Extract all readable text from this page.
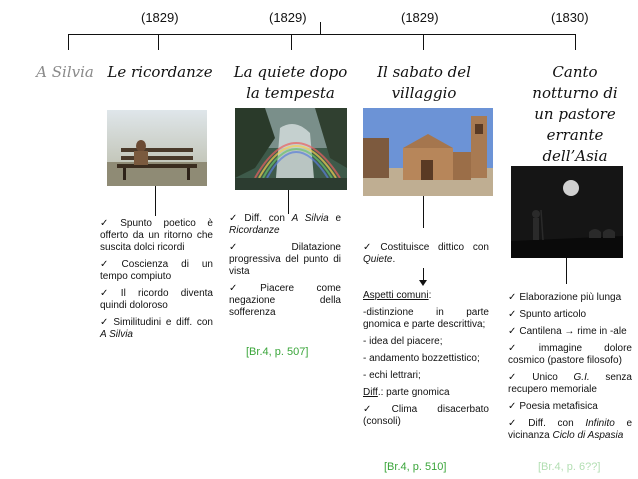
(1829)	(1829)	(1829)	(1830)
A Silvia Le ricordanze	La quiete dopo
la tempesta
Il sabato del
villaggio
Canto
notturno di
un pastore
errante
dell’Asia
✓ Spunto poetico è offerto da un ritorno che suscita dolci ricordi
✓ Coscienza di un tempo compiuto
✓ Il ricordo diventa quindi doloroso
✓ Similitudini e diff. con A Silvia
✓ Diff. con A Silvia e Ricordanze
✓ Dilatazione progressiva del punto di vista
✓ Piacere come negazione della sofferenza
[Br.4, p. 507]
✓ Costituisce dittico con Quiete.
Aspetti comuni:
-distinzione in parte gnomica e parte descrittiva;
- idea del piacere;
- andamento bozzettistico;
- echi lettrari;
Diff.: parte gnomica
✓ Clima disacerbato (consoli)
[Br.4, p. 510]
✓ Elaborazione più lunga
✓ Spunto articolo
✓ Cantilena → rime in -ale
✓ immagine dolore cosmico (pastore filosofo)
✓ Unico G.I. senza recupero memoriale
✓ Poesia metafisica
✓ Diff. con Infinito e vicinanza Ciclo di Aspasia
[Br.4, p. 6??]
